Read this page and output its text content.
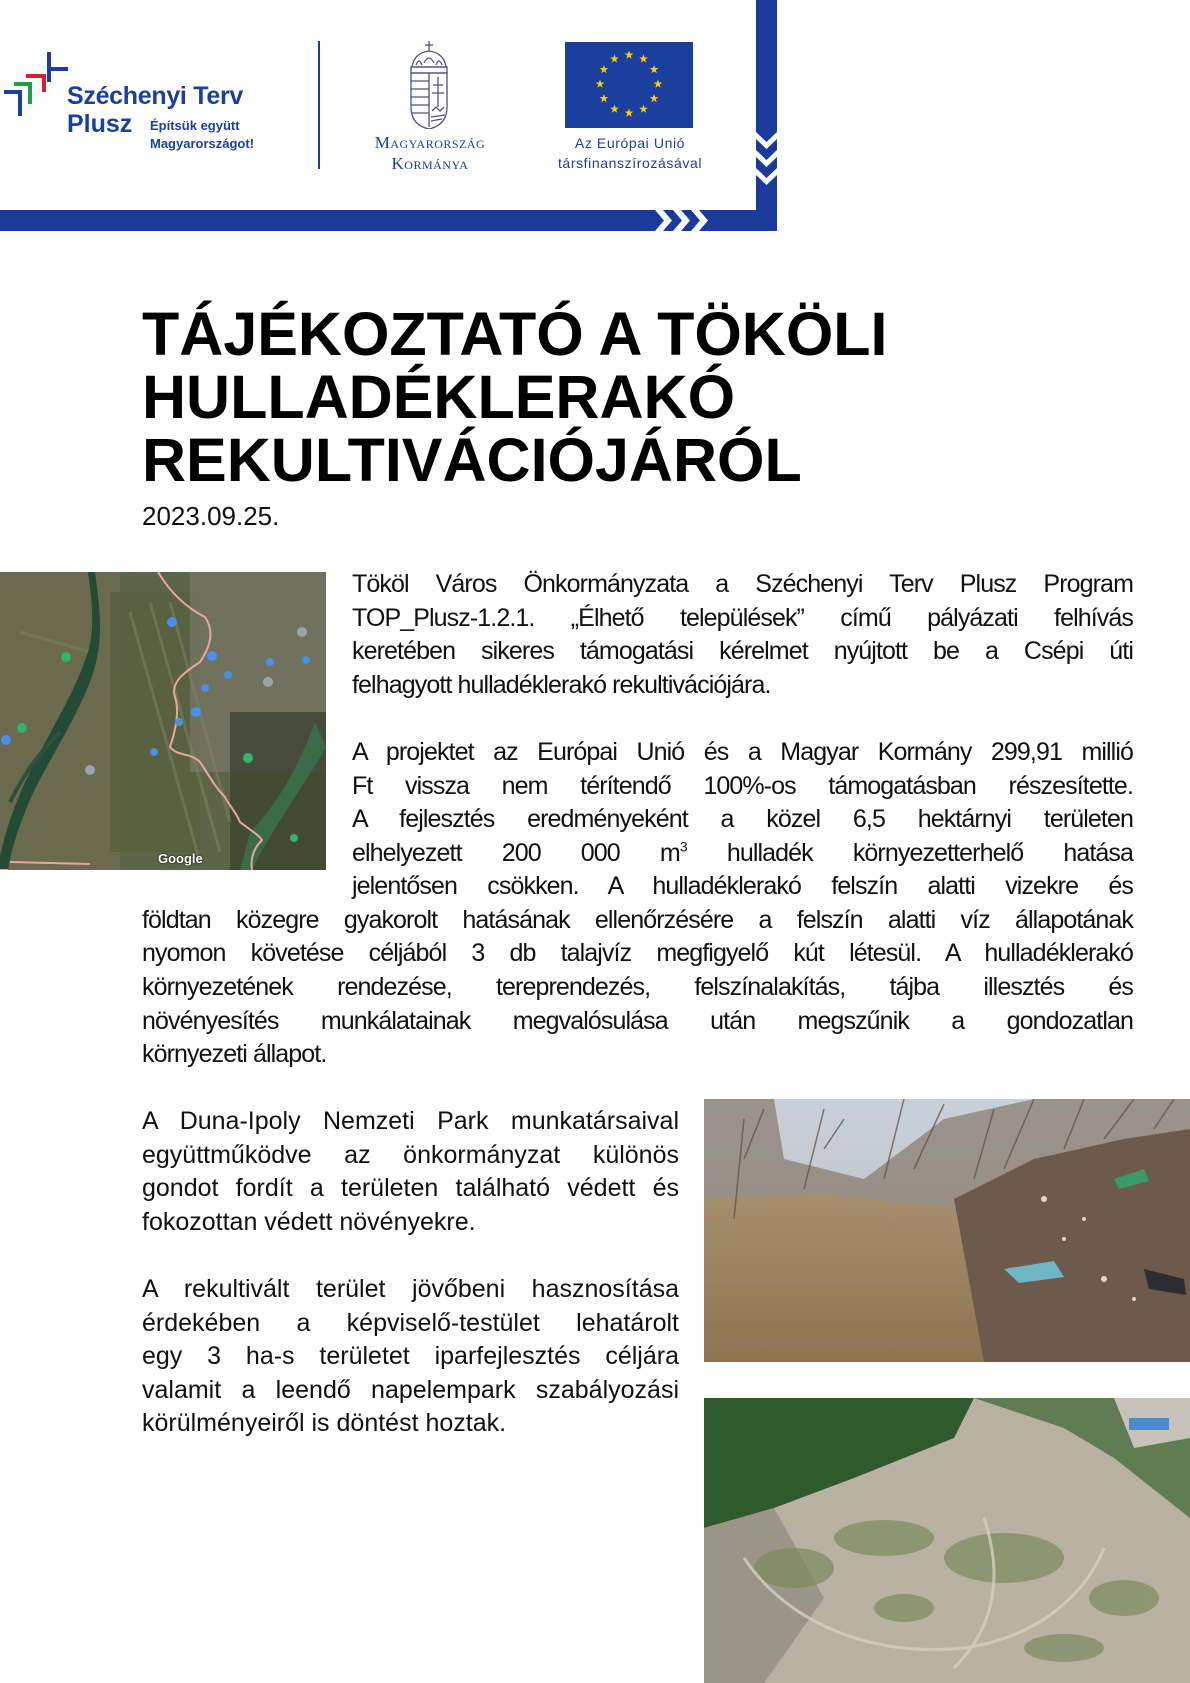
Széchenyi Terv
Plusz Építsük együtt
Magyarországot!	Magyarország
Kormánya
Az Európai Unió
társfinanszírozásával
TÁJÉKOZTATÓ A TÖKÖLI
HULLADÉKLERAKÓ
REKULTIVÁCIÓJÁRÓL
2023.09.25.
Google
Tököl Város Önkormányzata a Széchenyi Terv Plusz Program
TOP_Plusz-1.2.1. „Élhető települések” című pályázati felhívás
keretében sikeres támogatási kérelmet nyújtott be a Csépi úti
felhagyott hulladéklerakó rekultivációjára.
A projektet az Európai Unió és a Magyar Kormány 299,91 millió
Ft vissza nem térítendő 100%-os támogatásban részesítette.
A fejlesztés eredményeként a közel 6,5 hektárnyi területen
elhelyezett 200 000 $m^3$ hulladék környezetterhelő hatása
jelentősen csökken. A hulladéklerakó felszín alatti vizekre és
földtan közegre gyakorolt hatásának ellenőrzésére a felszín alatti víz állapotának
nyomon követése céljából 3 db talajvíz megfigyelő kút létesül. A hulladéklerakó
környezetének rendezése, tereprendezés, felszínalakítás, tájba illesztés és
növényesítés munkálatainak megvalósulása után megszűnik a gondozatlan
környezeti állapot.
A Duna-Ipoly Nemzeti Park munkatársaival
együttműködve az önkormányzat különös
gondot fordít a területen található védett és
fokozottan védett növényekre.
A rekultivált terület jövőbeni hasznosítása
érdekében a képviselő-testület lehatárolt
egy 3 ha-s területet iparfejlesztés céljára
valamit a leendő napelempark szabályozási
körülményeiről is döntést hoztak.
